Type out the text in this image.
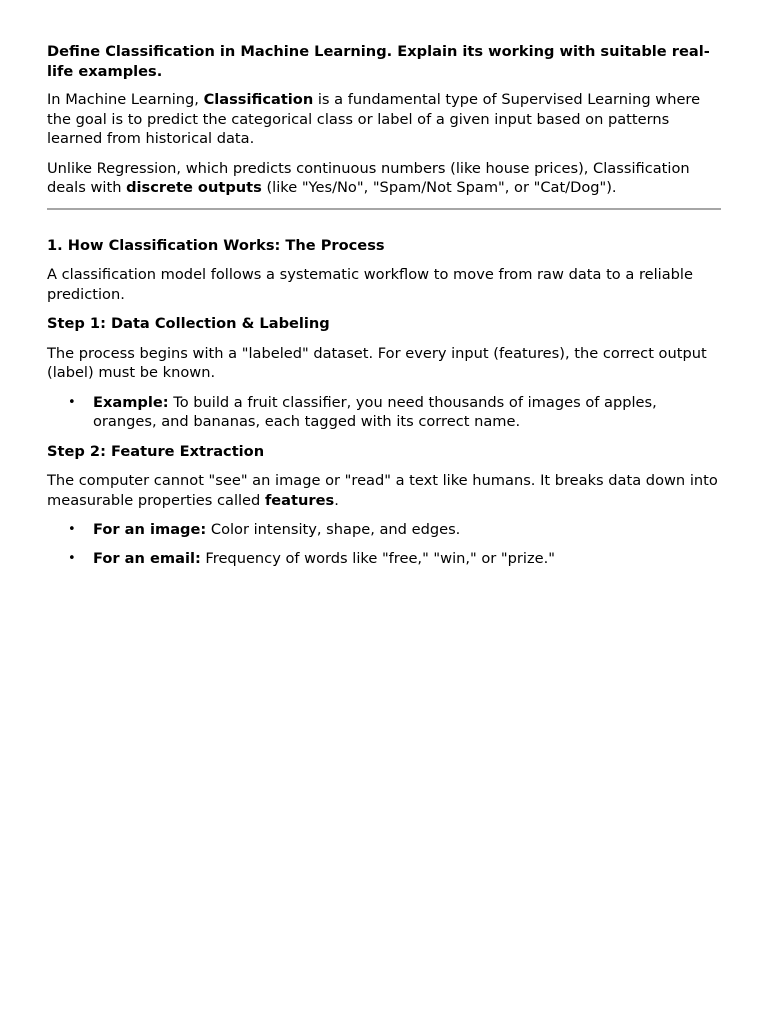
Define Classification in Machine Learning. Explain its working with suitable real-life examples.

In Machine Learning, Classification is a fundamental type of Supervised Learning where the goal is to predict the categorical class or label of a given input based on patterns learned from historical data.

Unlike Regression, which predicts continuous numbers (like house prices), Classification deals with discrete outputs (like "Yes/No", "Spam/Not Spam", or "Cat/Dog").

1. How Classification Works: The Process

A classification model follows a systematic workflow to move from raw data to a reliable prediction.

Step 1: Data Collection & Labeling

The process begins with a "labeled" dataset. For every input (features), the correct output (label) must be known.

• Example: To build a fruit classifier, you need thousands of images of apples, oranges, and bananas, each tagged with its correct name.
Step 2: Feature Extraction

The computer cannot "see" an image or "read" a text like humans. It breaks data down into measurable properties called features.

• For an image: Color intensity, shape, and edges.
• For an email: Frequency of words like "free," "win," or "prize."
